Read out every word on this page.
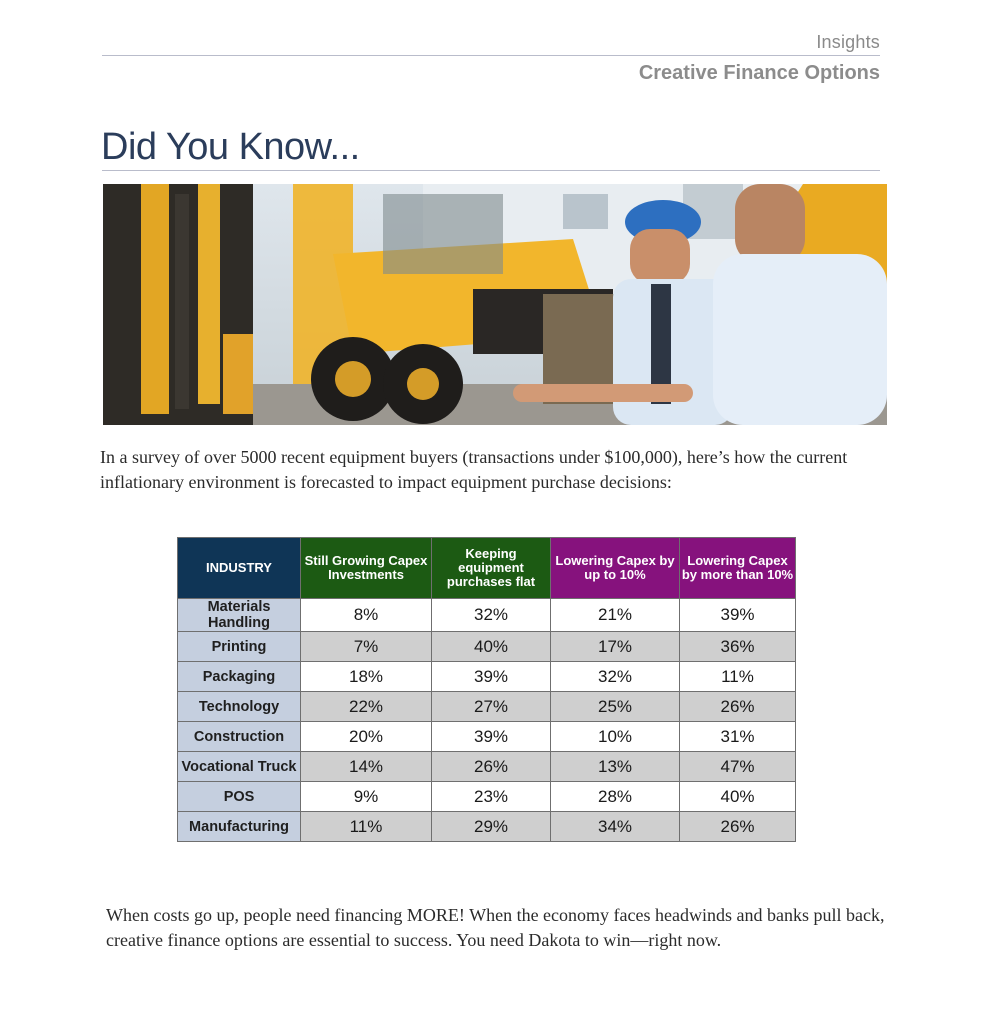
Insights
Creative Finance Options
Did You Know...
In a survey of over 5000 recent equipment buyers (transactions under $100,000), here’s how the current inflationary environment is forecasted to impact equipment purchase decisions:
INDUSTRY	Still Growing Capex Investments	Keeping equipment purchases flat	Lowering Capex by up to 10%	Lowering Capex by more than 10%
Materials Handling	8%	32%	21%	39%
Printing	7%	40%	17%	36%
Packaging	18%	39%	32%	11%
Technology	22%	27%	25%	26%
Construction	20%	39%	10%	31%
Vocational Truck	14%	26%	13%	47%
POS	9%	23%	28%	40%
Manufacturing	11%	29%	34%	26%
When costs go up, people need financing MORE! When the economy faces headwinds and banks pull back, creative finance options are essential to success. You need Dakota to win—right now.
